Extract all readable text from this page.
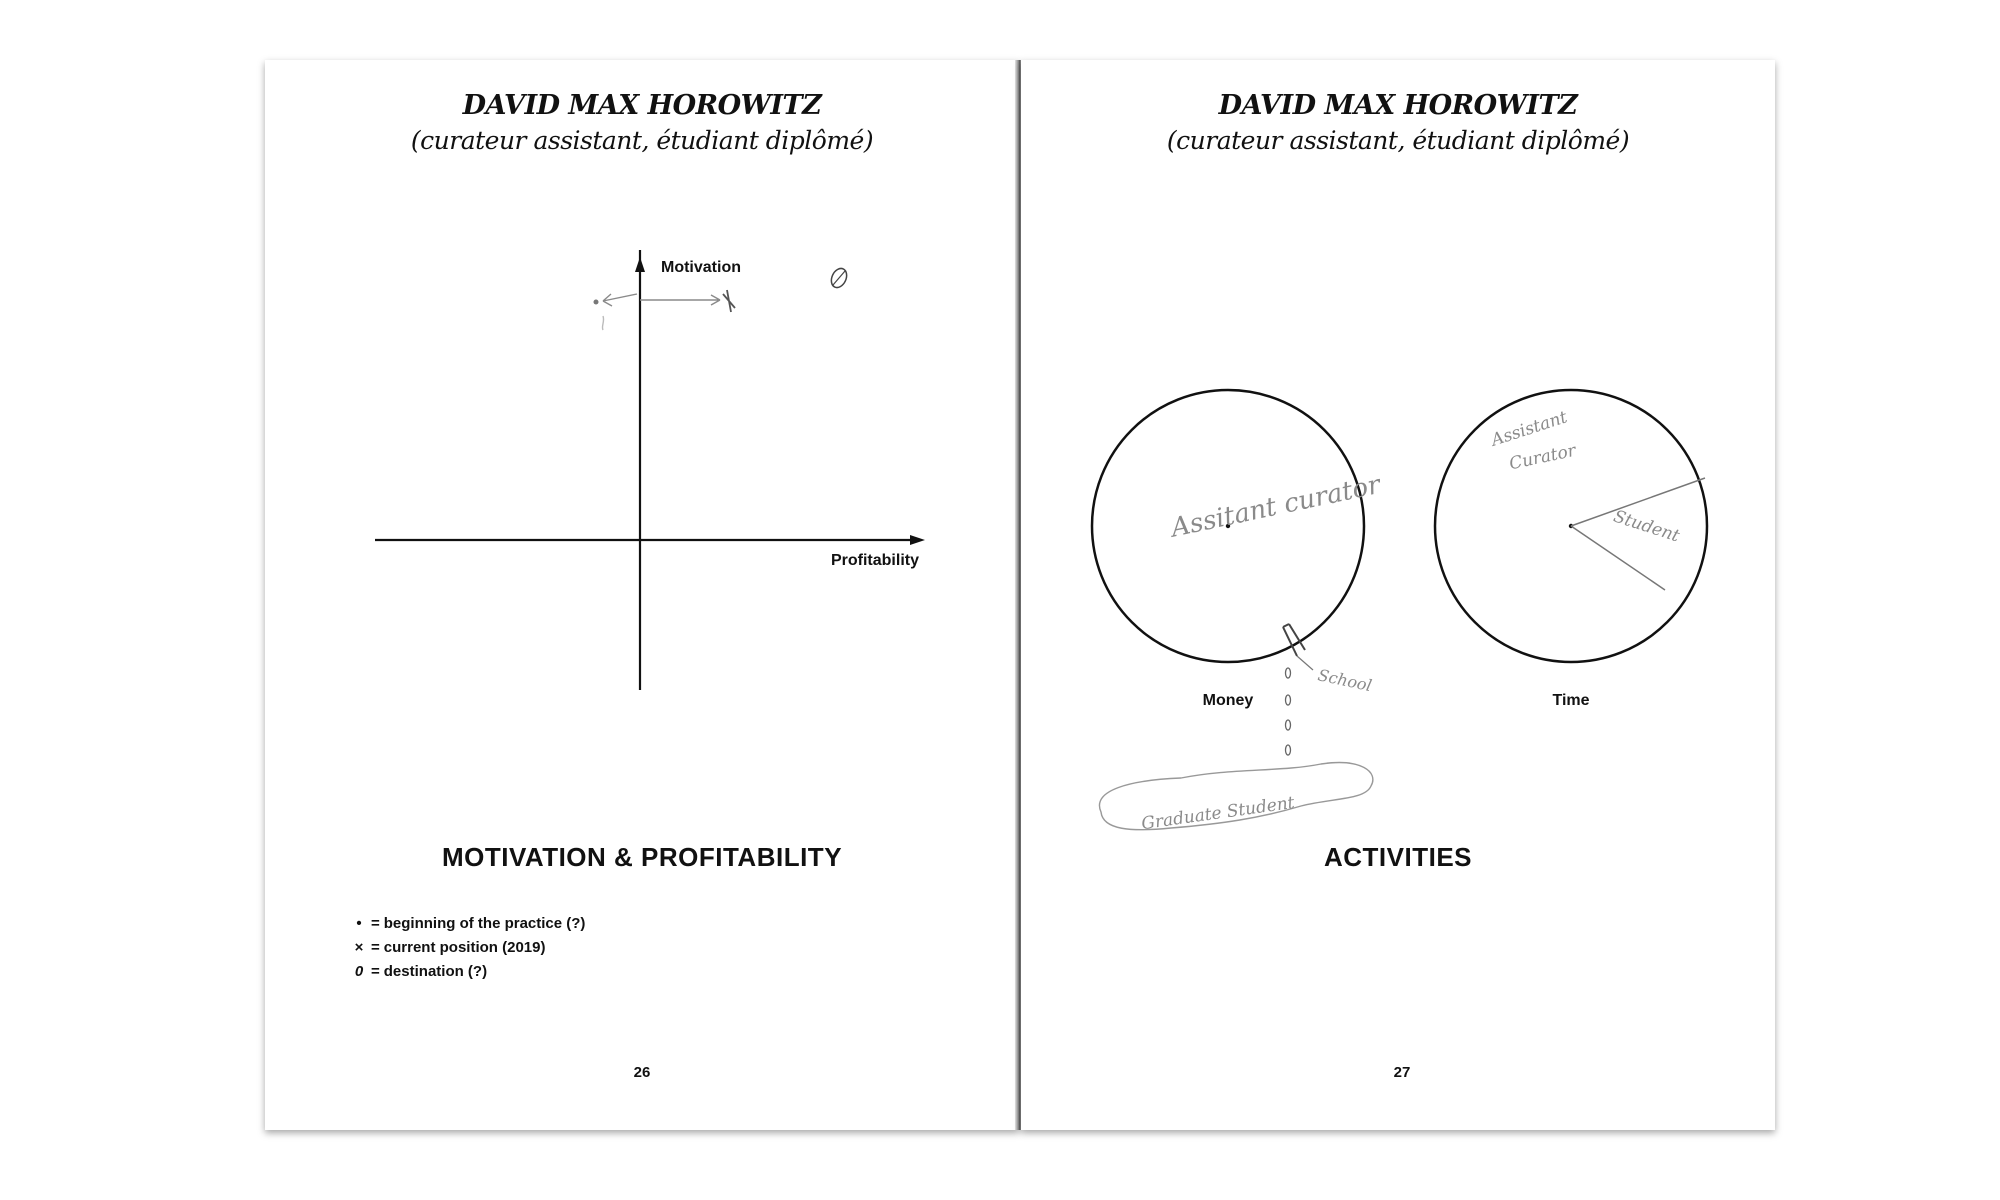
DAVID MAX HOROWITZ
(curateur assistant, étudiant diplômé)
Motivation
Profitability
MOTIVATION & PROFITABILITY
• = beginning of the practice (?)
× = current position (2019)
0 = destination (?)
26
DAVID MAX HOROWITZ
(curateur assistant, étudiant diplômé)
Assitant curator
School
Graduate Student
Money
Assistant
Curator
Student
Time
ACTIVITIES
27
